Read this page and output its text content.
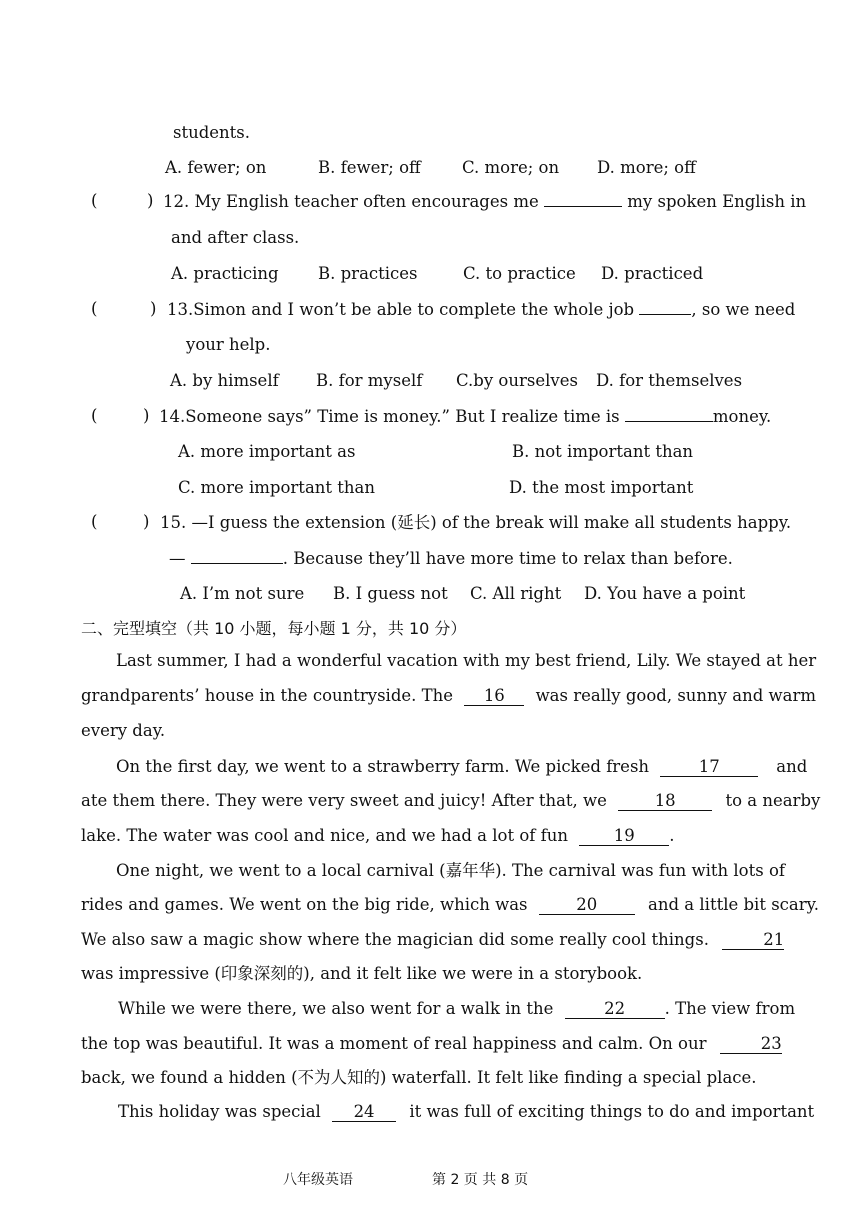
students.
A. fewer; on	B. fewer; off	C. more; on D. more; off
(	) 12. My English teacher often encourages me	my spoken English in
and after class.
A. practicing B. practices	C. to practice D. practiced
(	) 13.Simon and I won’t be able to complete the whole job	, so we need
your help.
A. by himself B. for myself C.by ourselves D. for themselves
(	) 14.Someone says” Time is money.” But I realize time is	money.
A. more important as	B. not important than
C. more important than	D. the most important
(	) 15. —I guess the extension (延长) of the break will make all students happy.
—	. Because they’ll have more time to relax than before.
A. I’m not sure B. I guess not C. All right D. You have a point
二、完型填空（共 10 小题，每小题 1 分，共 10 分）
Last summer, I had a wonderful vacation with my best friend, Lily. We stayed at her
grandparents’ house in the countryside. The 16 was really good, sunny and warm
every day.
On the first day, we went to a strawberry farm. We picked fresh	17	and
ate them there. They were very sweet and juicy! After that, we	18	to a nearby
lake. The water was cool and nice, and we had a lot of fun	19 .
One night, we went to a local carnival (嘉年华). The carnival was fun with lots of
rides and games. We went on the big ride, which was	20	and a little bit scary.
We also saw a magic show where the magician did some really cool things.	21
was impressive (印象深刻的), and it felt like we were in a storybook.
While we were there, we also went for a walk in the	22 . The view from
the top was beautiful. It was a moment of real happiness and calm. On our	23
back, we found a hidden (不为人知的) waterfall. It felt like finding a special place.
This holiday was special 24 it was full of exciting things to do and important
八年级英语	第 2 页 共 8 页
